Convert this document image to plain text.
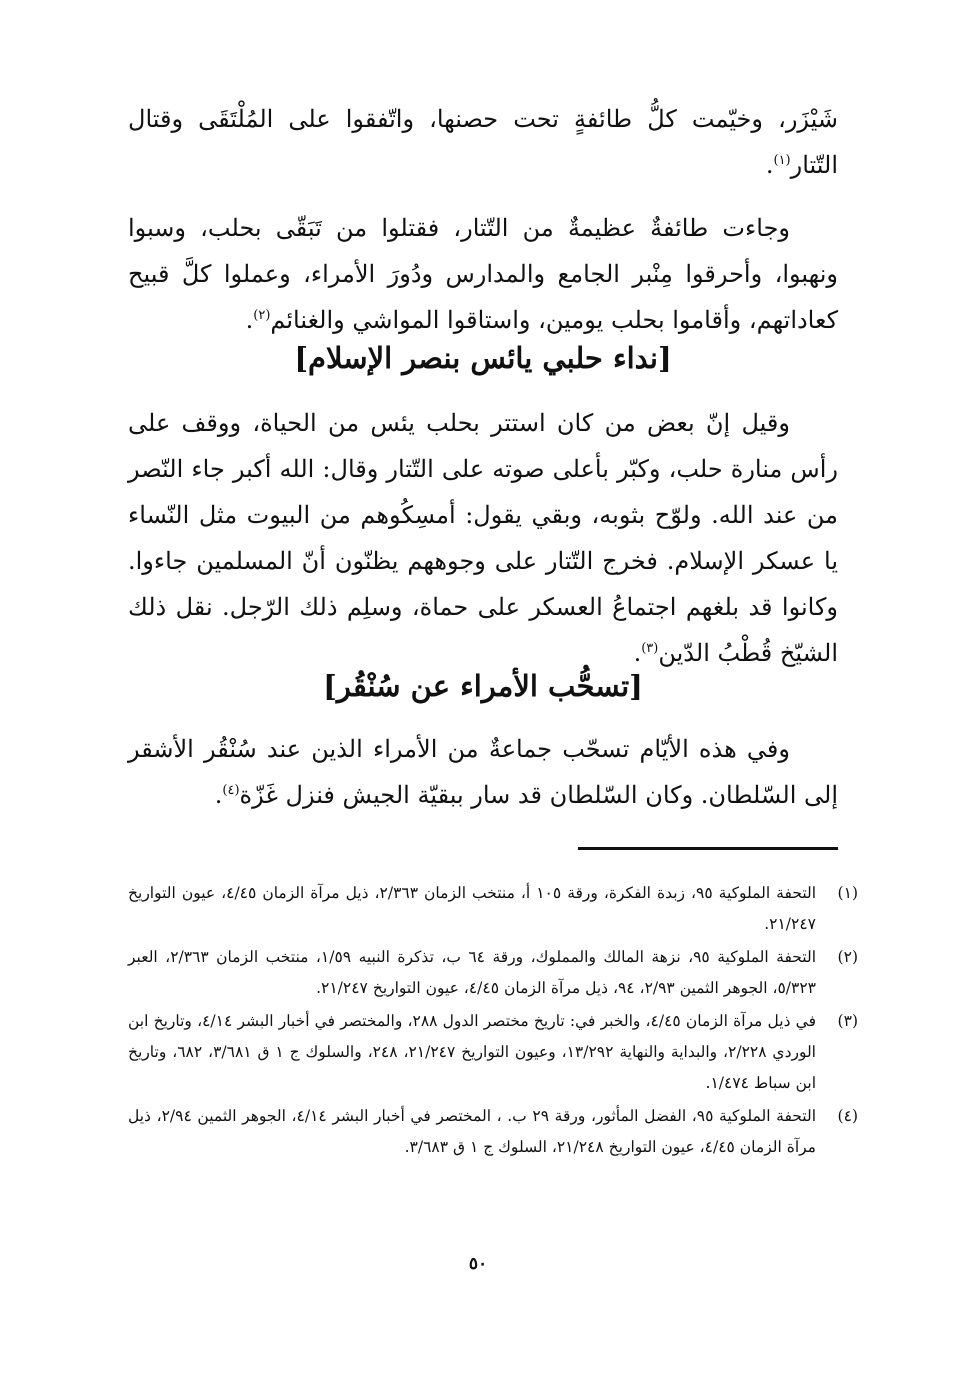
شَيْزَر، وخيّمت كلُّ طائفةٍ تحت حصنها، واتّفقوا على المُلْتَقَى وقتال التّتار$^{(١)}$.

وجاءت طائفةٌ عظيمةٌ من التّتار، فقتلوا من تَبَقّى بحلب، وسبوا ونهبوا، وأحرقوا مِنْبر الجامع والمدارس ودُورَ الأمراء، وعملوا كلَّ قبيح كعاداتهم، وأقاموا بحلب يومين، واستاقوا المواشي والغنائم$^{(٢)}$.

[نداء حلبي يائس بنصر الإسلام]

وقيل إنّ بعض من كان استتر بحلب يئس من الحياة، ووقف على رأس منارة حلب، وكبّر بأعلى صوته على التّتار وقال: الله أكبر جاء النّصر من عند الله. ولوّح بثوبه، وبقي يقول: أمسِكُوهم من البيوت مثل النّساء يا عسكر الإسلام. فخرج التّتار على وجوههم يظنّون أنّ المسلمين جاءوا. وكانوا قد بلغهم اجتماعُ العسكر على حماة، وسلِم ذلك الرّجل. نقل ذلك الشيّخ قُطْبُ الدّين$^{(٣)}$.

[تسحُّب الأمراء عن سُنْقُر]

وفي هذه الأيّام تسحّب جماعةٌ من الأمراء الذين عند سُنْقُر الأشقر إلى السّلطان. وكان السّلطان قد سار ببقيّة الجيش فنزل غَزّة$^{(٤)}$.

(١)
التحفة الملوكية ٩٥، زبدة الفكرة، ورقة ١٠٥ أ، منتخب الزمان ٢/٣٦٣، ذيل مرآة الزمان ٤/٤٥، عيون التواريخ ٢١/٢٤٧.
(٢)
التحفة الملوكية ٩٥، نزهة المالك والمملوك، ورقة ٦٤ ب، تذكرة النبيه ١/٥٩، منتخب الزمان ٢/٣٦٣، العبر ٥/٣٢٣، الجوهر الثمين ٢/٩٣، ٩٤، ذيل مرآة الزمان ٤/٤٥، عيون التواريخ ٢١/٢٤٧.
(٣)
في ذيل مرآة الزمان ٤/٤٥، والخبر في: تاريخ مختصر الدول ٢٨٨، والمختصر في أخبار البشر ٤/١٤، وتاريخ ابن الوردي ٢/٢٢٨، والبداية والنهاية ١٣/٢٩٢، وعيون التواريخ ٢١/٢٤٧، ٢٤٨، والسلوك ج ١ ق ٣/٦٨١، ٦٨٢، وتاريخ ابن سباط ١/٤٧٤.
(٤)
التحفة الملوكية ٩٥، الفضل المأثور، ورقة ٢٩ ب. ، المختصر في أخبار البشر ٤/١٤، الجوهر الثمين ٢/٩٤، ذيل مرآة الزمان ٤/٤٥، عيون التواريخ ٢١/٢٤٨، السلوك ج ١ ق ٣/٦٨٣.
٥٠
